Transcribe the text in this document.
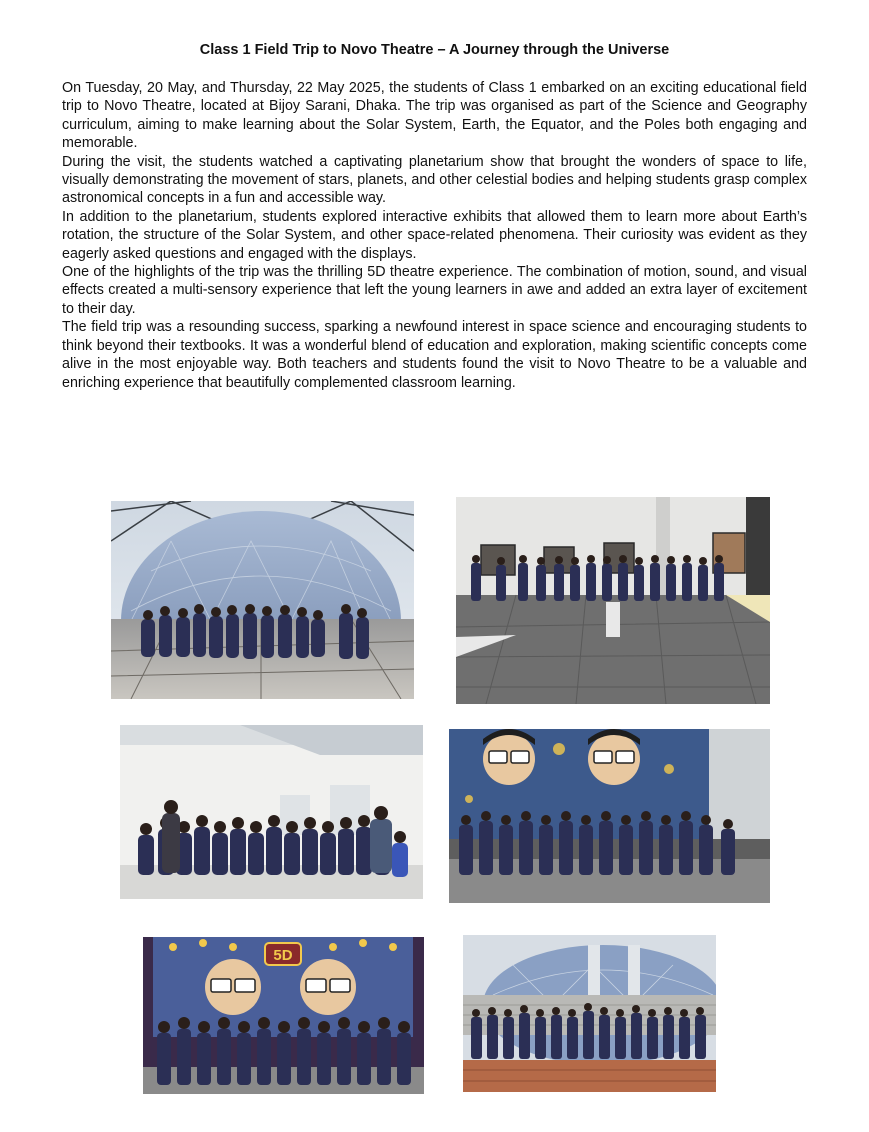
Class 1 Field Trip to Novo Theatre – A Journey through the Universe

On Tuesday, 20 May, and Thursday, 22 May 2025, the students of Class 1 embarked on an exciting educational field trip to Novo Theatre, located at Bijoy Sarani, Dhaka. The trip was organised as part of the Science and Geography curriculum, aiming to make learning about the Solar System, Earth, the Equator, and the Poles both engaging and memorable.

During the visit, the students watched a captivating planetarium show that brought the wonders of space to life, visually demonstrating the movement of stars, planets, and other celestial bodies and helping students grasp complex astronomical concepts in a fun and accessible way.

In addition to the planetarium, students explored interactive exhibits that allowed them to learn more about Earth’s rotation, the structure of the Solar System, and other space-related phenomena. Their curiosity was evident as they eagerly asked questions and engaged with the displays.

One of the highlights of the trip was the thrilling 5D theatre experience. The combination of motion, sound, and visual effects created a multi-sensory experience that left the young learners in awe and added an extra layer of excitement to their day.

The field trip was a resounding success, sparking a newfound interest in space science and encouraging students to think beyond their textbooks. It was a wonderful blend of education and exploration, making scientific concepts come alive in the most enjoyable way. Both teachers and students found the visit to Novo Theatre to be a valuable and enriching experience that beautifully complemented classroom learning.

5D
